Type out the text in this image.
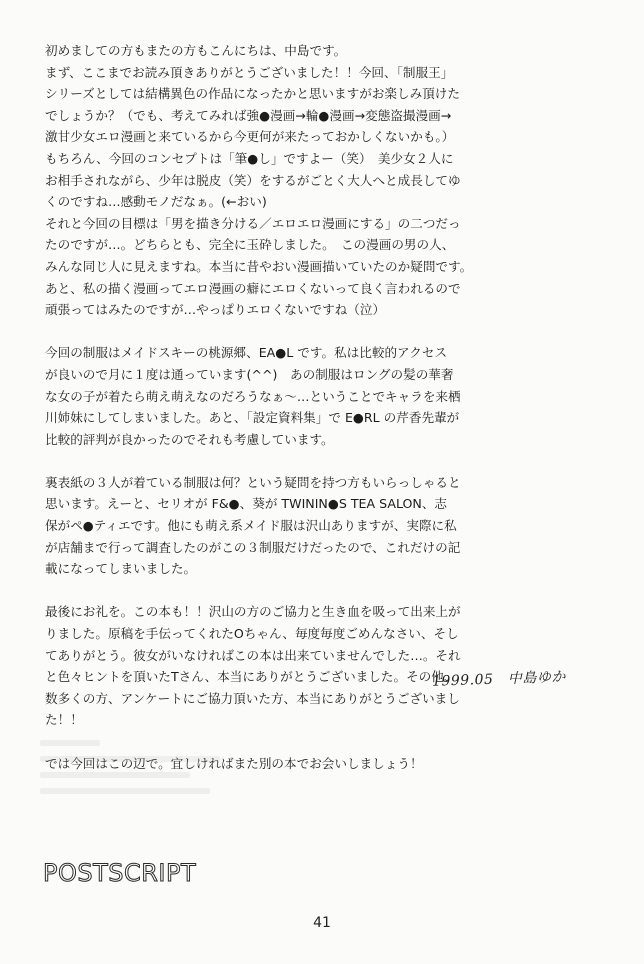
初めましての方もまたの方もこんにちは、中島です。
まず、ここまでお読み頂きありがとうございました！！今回、「制服王」
シリーズとしては結構異色の作品になったかと思いますがお楽しみ頂けた
でしょうか？（でも、考えてみれば強●漫画→輪●漫画→変態盗撮漫画→
激甘少女エロ漫画と来ているから今更何が来たっておかしくないかも。）
もちろん、今回のコンセプトは「筆●し」ですよー（笑）　美少女２人に
お相手されながら、少年は脱皮（笑）をするがごとく大人へと成長してゆ
くのですね…感動モノだなぁ。(←おい)
それと今回の目標は「男を描き分ける／エロエロ漫画にする」の二つだっ
たのですが…。どちらとも、完全に玉砕しました。　この漫画の男の人、
みんな同じ人に見えますね。本当に昔やおい漫画描いていたのか疑問です。
あと、私の描く漫画ってエロ漫画の癖にエロくないって良く言われるので
頑張ってはみたのですが…やっぱりエロくないですね（泣）
今回の制服はメイドスキーの桃源郷、EA●L です。私は比較的アクセス
が良いので月に１度は通っています(^^)　あの制服はロングの髪の華奢
な女の子が着たら萌え萌えなのだろうなぁ～…ということでキャラを来栖
川姉妹にしてしまいました。あと、「設定資料集」で E●RL の芹香先輩が
比較的評判が良かったのでそれも考慮しています。
裏表紙の３人が着ている制服は何？という疑問を持つ方もいらっしゃると
思います。えーと、セリオが F&●、葵が TWININ●S TEA SALON、志
保がペ●ティエです。他にも萌え系メイド服は沢山ありますが、実際に私
が店舗まで行って調査したのがこの３制服だけだったので、これだけの記
載になってしまいました。
最後にお礼を。この本も！！沢山の方のご協力と生き血を吸って出来上が
りました。原稿を手伝ってくれたOちゃん、毎度毎度ごめんなさい、そし
てありがとう。彼女がいなければこの本は出来ていませんでした…。それ
と色々ヒントを頂いたTさん、本当にありがとうございました。その他、
数多くの方、アンケートにご協力頂いた方、本当にありがとうございまし
た！！
では今回はこの辺で。宜しければまた別の本でお会いしましょう！
1999.05　中島ゆか
POSTSCRIPT
41
